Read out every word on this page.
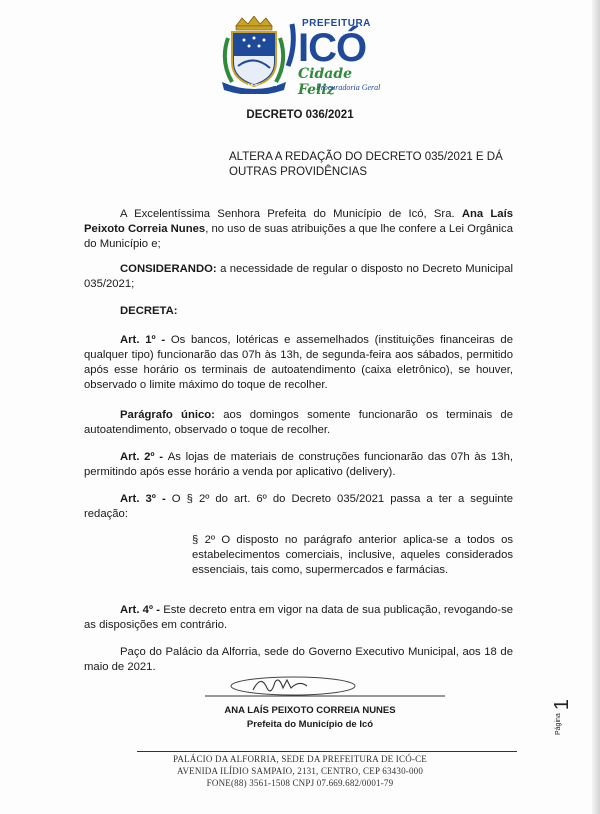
25 DE JULHO DE 1738
PREFEITURA
ICÓ
Cidade Feliz
Procuradoria Geral
DECRETO 036/2021
ALTERA A REDAÇÃO DO DECRETO 035/2021 E DÁ OUTRAS PROVIDÊNCIAS
A Excelentíssima Senhora Prefeita do Município de Icó, Sra. Ana Laís Peixoto Correia Nunes, no uso de suas atribuições a que lhe confere a Lei Orgânica do Município e;
CONSIDERANDO: a necessidade de regular o disposto no Decreto Municipal 035/2021;
DECRETA:
Art. 1º - Os bancos, lotéricas e assemelhados (instituições financeiras de qualquer tipo) funcionarão das 07h às 13h, de segunda-feira aos sábados, permitido após esse horário os terminais de autoatendimento (caixa eletrônico), se houver, observado o limite máximo do toque de recolher.
Parágrafo único: aos domingos somente funcionarão os terminais de autoatendimento, observado o toque de recolher.
Art. 2º - As lojas de materiais de construções funcionarão das 07h às 13h, permitindo após esse horário a venda por aplicativo (delivery).
Art. 3º - O § 2º do art. 6º do Decreto 035/2021 passa a ter a seguinte redação:
§ 2º O disposto no parágrafo anterior aplica-se a todos os estabelecimentos comerciais, inclusive, aqueles considerados essenciais, tais como, supermercados e farmácias.
Art. 4º - Este decreto entra em vigor na data de sua publicação, revogando-se as disposições em contrário.
Paço do Palácio da Alforria, sede do Governo Executivo Municipal, aos 18 de maio de 2021.
ANA LAÍS PEIXOTO CORREIA NUNES
Prefeita do Município de Icó
PALÁCIO DA ALFORRIA, SEDE DA PREFEITURA DE ICÓ-CE
AVENIDA ILÍDIO SAMPAIO, 2131, CENTRO, CEP 63430-000
FONE(88) 3561-1508 CNPJ 07.669.682/0001-79
Página
1
